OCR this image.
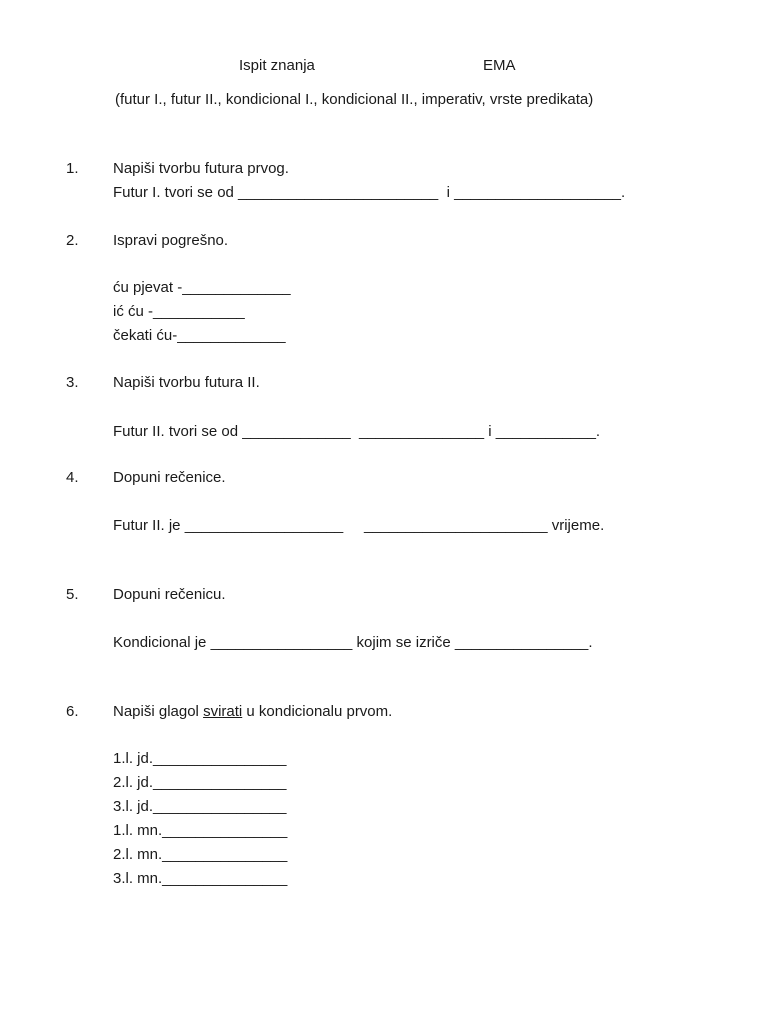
Ispit znanja	EMA
(futur I., futur II., kondicional I., kondicional II., imperativ, vrste predikata)
1. Napiši tvorbu futura prvog.
Futur I. tvori se od ________________________  i ____________________.
2. Ispravi pogrešno.
ću pjevat -_____________
ić ću -___________
čekati ću-_____________
3. Napiši tvorbu futura II.
Futur II. tvori se od _____________  _______________ i ____________.
4. Dopuni rečenice.
Futur II. je ___________________     ______________________ vrijeme.
5. Dopuni rečenicu.
Kondicional je _________________ kojim se izriče ________________.
6. Napiši glagol svirati u kondicionalu prvom.
1.l. jd.________________
2.l. jd.________________
3.l. jd.________________
1.l. mn._______________
2.l. mn._______________
3.l. mn._______________
